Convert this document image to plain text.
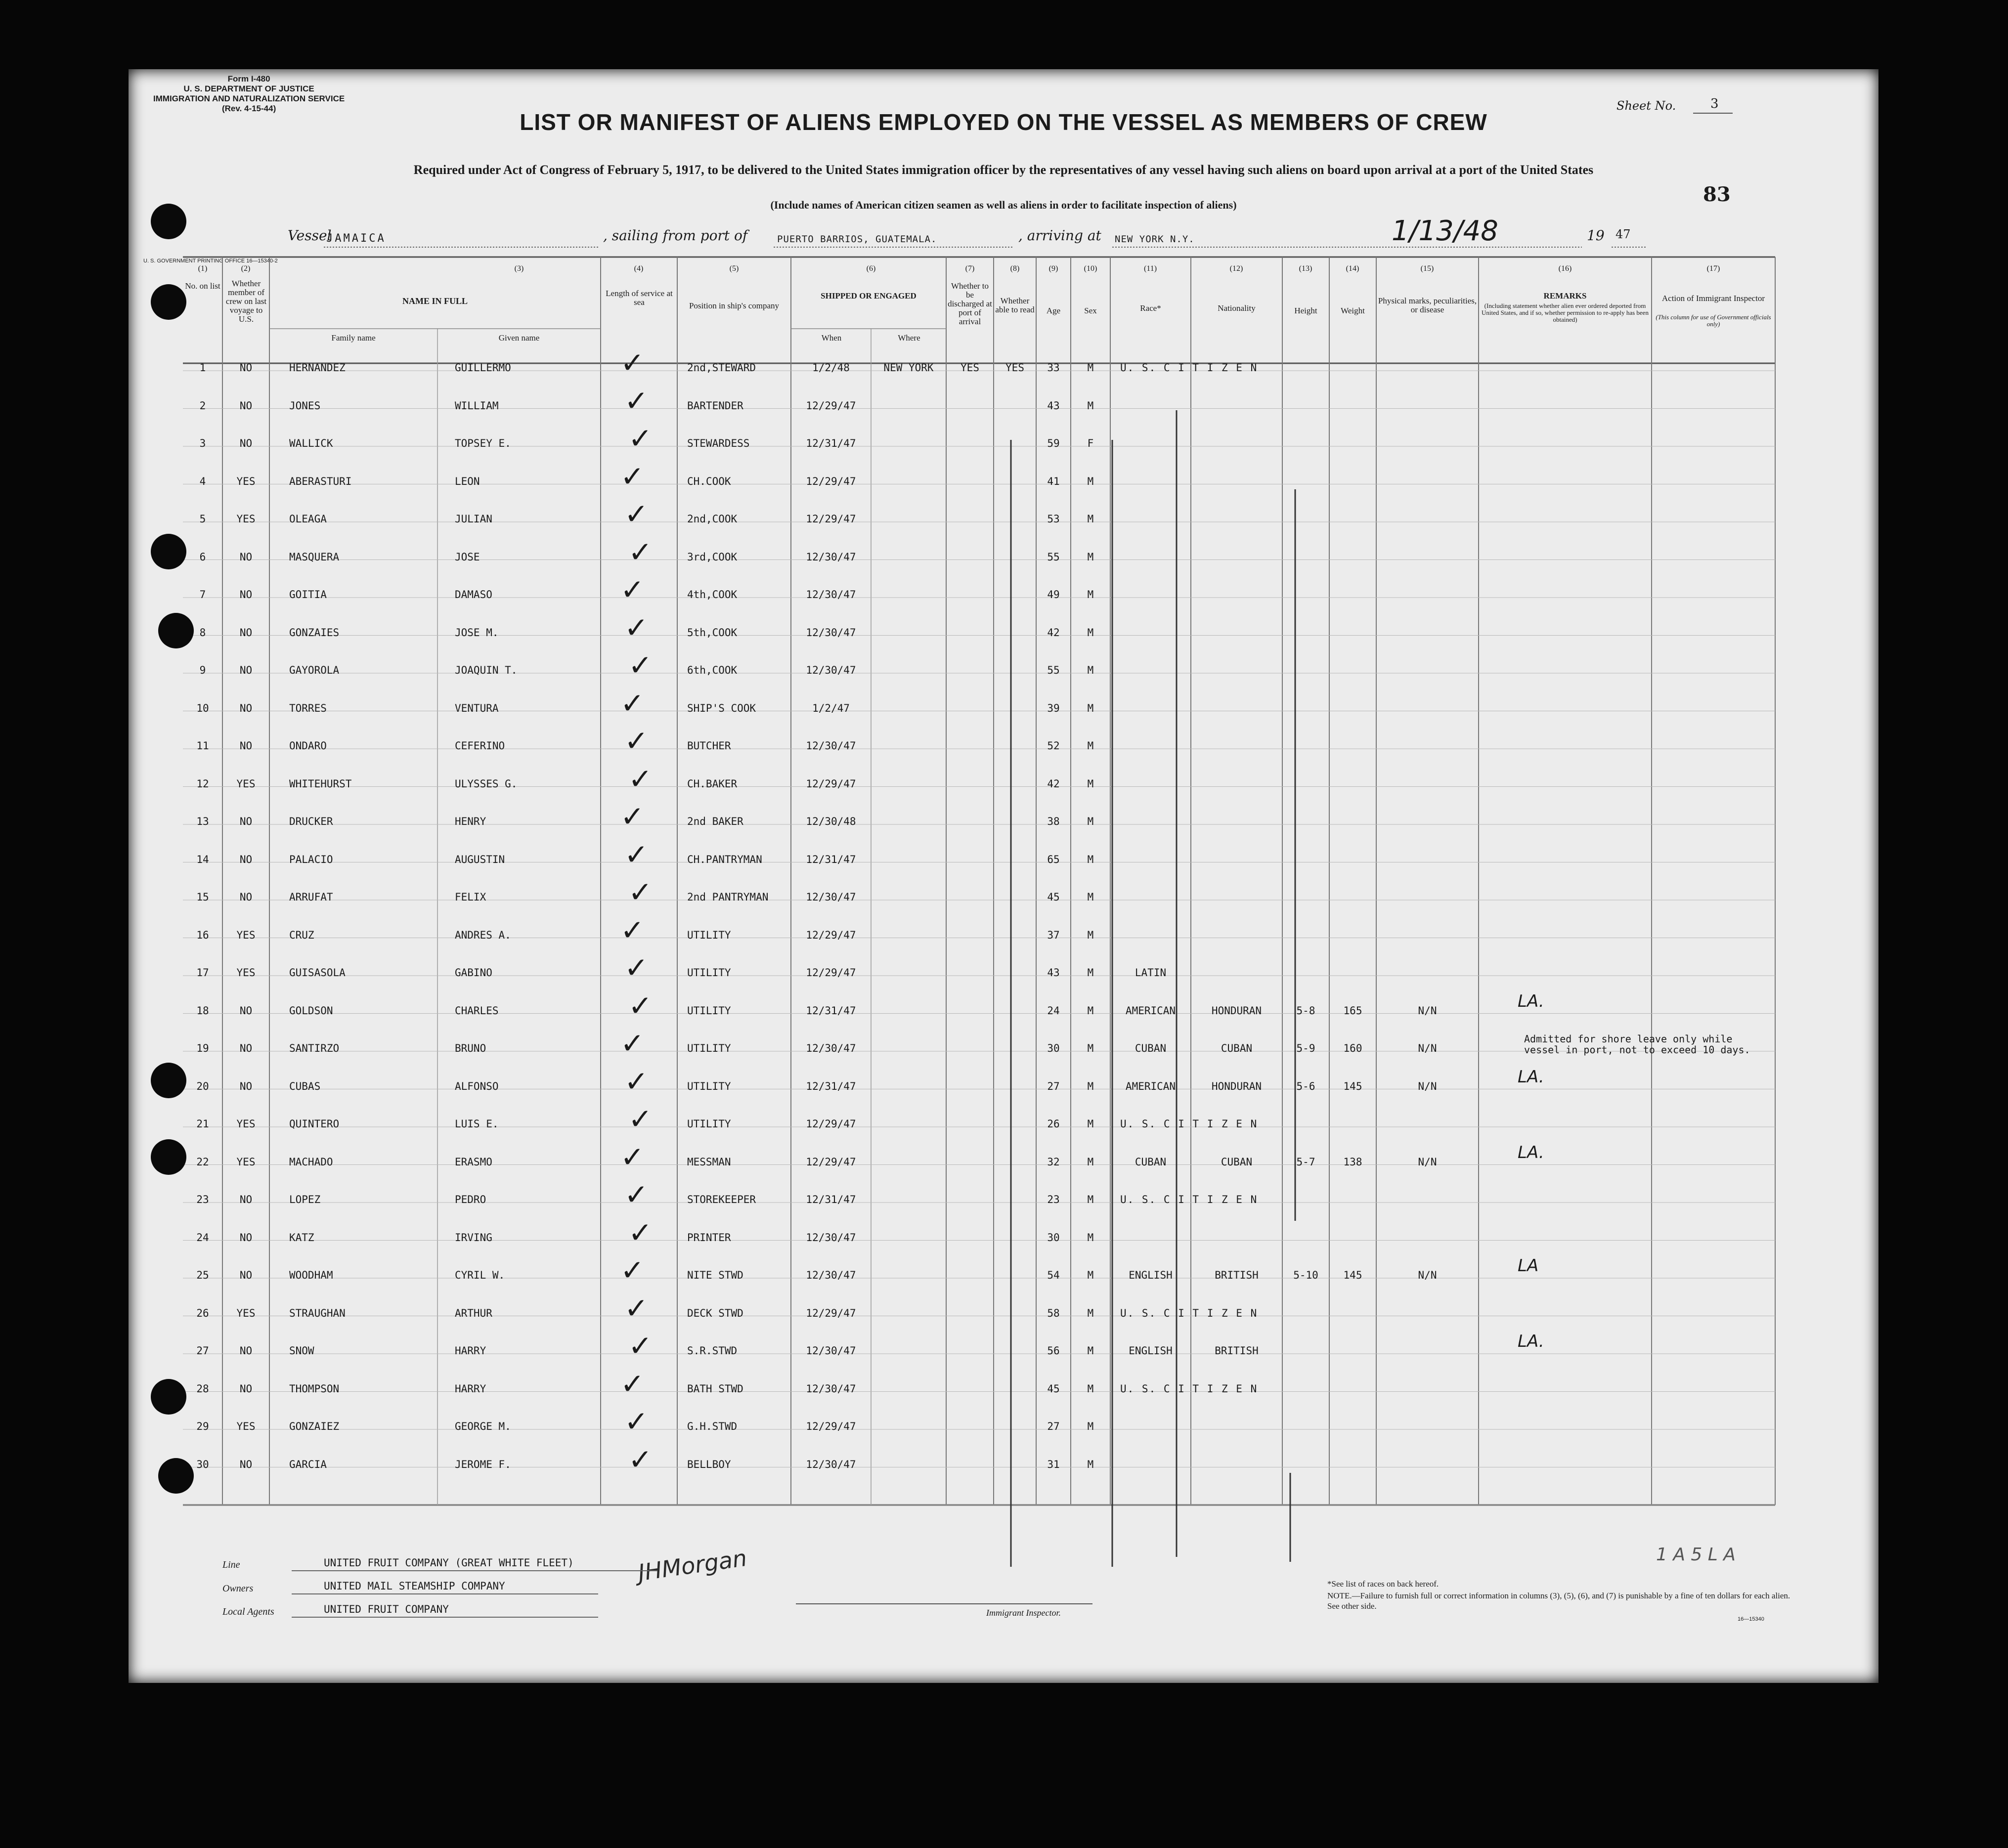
Form I-480
U. S. DEPARTMENT OF JUSTICE
IMMIGRATION AND NATURALIZATION SERVICE
(Rev. 4-15-44)
U. S. GOVERNMENT PRINTING OFFICE 16—15340-2
Sheet No.	3
LIST OR MANIFEST OF ALIENS EMPLOYED ON THE VESSEL AS MEMBERS OF CREW
Required under Act of Congress of February 5, 1917, to be delivered to the United States immigration officer by the representatives of any vessel having such aliens on board upon arrival at a port of the United States
(Include names of American citizen seamen as well as aliens in order to facilitate inspection of aliens)	83
Vessel
JAMAICA	, sailing from port of	PUERTO BARRIOS, GUATEMALA.	, arriving at NEW YORK N.Y.	1/13/48	19 47
(1)	(2)	(3)	(4)	(5)	(6)	(7)	(8)	(9)	(10)	(11)	(12)	(13)	(14)	(15)	(16)	(17)
No. on list	Whether member of crew on last voyage to U.S.
NAME IN FULL
Family name	Given name
Length of service at sea	Position in ship's company
SHIPPED OR ENGAGED
When	Where
Whether to be discharged at port of arrival
Whether able to read	Age	Sex	Race*	Nationality	Height	Weight
Physical marks, peculiarities, or disease
REMARKS
(Including statement whether alien ever ordered deported from United States, and if so, whether permission to re-apply has been obtained)
Action of Immigrant Inspector
(This column for use of Government officials only)
1	NO	HERNANDEZ	GUILLERMO	2nd,STEWARD	1/2/48	NEW YORK	YES	YES	33	M	U. S. C I T I Z E N
✓
2	NO	JONES	WILLIAM	BARTENDER	12/29/47	43	M
✓
3	NO	WALLICK	TOPSEY E.	STEWARDESS	12/31/47	59	F
✓
4	YES	ABERASTURI	LEON	CH.COOK	12/29/47	41	M
✓
5	YES	OLEAGA	JULIAN	2nd,COOK	12/29/47	53	M
✓
6	NO	MASQUERA	JOSE	3rd,COOK	12/30/47	55	M
✓
7	NO	GOITIA	DAMASO	4th,COOK	12/30/47	49	M
✓
8	NO	GONZAIES	JOSE M.	5th,COOK	12/30/47	42	M
✓
9	NO	GAYOROLA	JOAQUIN T.	6th,COOK	12/30/47	55	M
✓
10	NO	TORRES	VENTURA	SHIP'S COOK	1/2/47	39	M
✓
11	NO	ONDARO	CEFERINO	BUTCHER	12/30/47	52	M
✓
12	YES	WHITEHURST	ULYSSES G.	CH.BAKER	12/29/47	42	M
✓
13	NO	DRUCKER	HENRY	2nd BAKER	12/30/48	38	M
✓
14	NO	PALACIO	AUGUSTIN	CH.PANTRYMAN	12/31/47	65	M
✓
15	NO	ARRUFAT	FELIX	2nd PANTRYMAN	12/30/47	45	M
✓
16	YES	CRUZ	ANDRES A.	UTILITY	12/29/47	37	M
✓
17	YES	GUISASOLA	GABINO	UTILITY	12/29/47	43	M	LATIN
✓
18	NO	GOLDSON	CHARLES	UTILITY	12/31/47	24	M	AMERICAN	HONDURAN	5-8	165	N/N
✓	LA.
19	NO	SANTIRZO	BRUNO	UTILITY	12/30/47	30	M	CUBAN	CUBAN	5-9	160	N/N
✓	Admitted for shore leave only while vessel in port, not to exceed 10 days.
20	NO	CUBAS	ALFONSO	UTILITY	12/31/47	27	M	AMERICAN	HONDURAN	5-6	145	N/N
✓	LA.
21	YES	QUINTERO	LUIS E.	UTILITY	12/29/47	26	M	U. S. C I T I Z E N
✓
22	YES	MACHADO	ERASMO	MESSMAN	12/29/47	32	M	CUBAN	CUBAN	5-7	138	N/N
✓	LA.
23	NO	LOPEZ	PEDRO	STOREKEEPER	12/31/47	23	M	U. S. C I T I Z E N
✓
24	NO	KATZ	IRVING	PRINTER	12/30/47	30	M
✓
25	NO	WOODHAM	CYRIL W.	NITE STWD	12/30/47	54	M	ENGLISH	BRITISH	5-10	145	N/N
✓	LA
26	YES	STRAUGHAN	ARTHUR	DECK STWD	12/29/47	58	M	U. S. C I T I Z E N
✓
27	NO	SNOW	HARRY	S.R.STWD	12/30/47	56	M	ENGLISH	BRITISH
✓	LA.
28	NO	THOMPSON	HARRY	BATH STWD	12/30/47	45	M	U. S. C I T I Z E N
✓
29	YES	GONZAIEZ	GEORGE M.	G.H.STWD	12/29/47	27	M
✓
30	NO	GARCIA	JEROME F.	BELLBOY	12/30/47	31	M
✓
JHMorgan
Line	UNITED FRUIT COMPANY (GREAT WHITE FLEET)
Owners	UNITED MAIL STEAMSHIP COMPANY
Local Agents	UNITED FRUIT COMPANY	Immigrant Inspector.
*See list of races on back hereof.
NOTE.—Failure to furnish full or correct information in columns (3), (5), (6), and (7) is punishable by a fine of ten dollars for each alien. See other side.
16—15340
1 A 5 L A
